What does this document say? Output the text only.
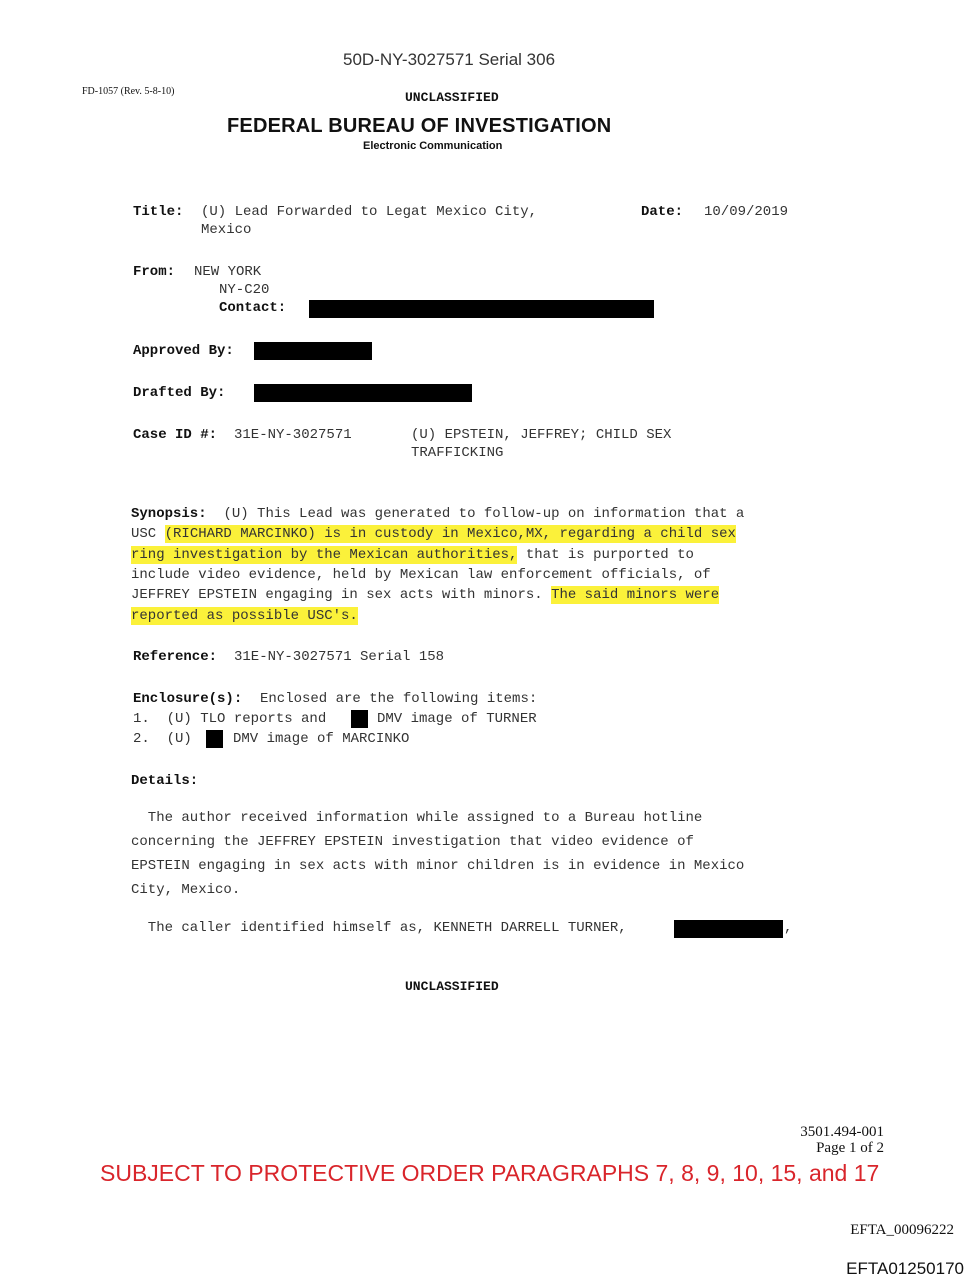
50D-NY-3027571 Serial 306
FD-1057 (Rev. 5-8-10)	UNCLASSIFIED
FEDERAL BUREAU OF INVESTIGATION
Electronic Communication
Title: (U) Lead Forwarded to Legat Mexico City,
Mexico
Date: 10/09/2019
From: NEW YORK
NY-C20
Contact:
Approved By:
Drafted By:
Case ID #: 31E-NY-3027571	(U) EPSTEIN, JEFFREY; CHILD SEX
TRAFFICKING
Synopsis: (U) This Lead was generated to follow-up on information that a
USC (RICHARD MARCINKO) is in custody in Mexico,MX, regarding a child sex
ring investigation by the Mexican authorities, that is purported to
include video evidence, held by Mexican law enforcement officials, of
JEFFREY EPSTEIN engaging in sex acts with minors. The said minors were
reported as possible USC's.
Reference: 31E-NY-3027571 Serial 158
Enclosure(s): Enclosed are the following items:
1.  (U) TLO reports and	DMV image of TURNER
2.  (U)	DMV image of MARCINKO
Details:
The author received information while assigned to a Bureau hotline
concerning the JEFFREY EPSTEIN investigation that video evidence of
EPSTEIN engaging in sex acts with minor children is in evidence in Mexico
City, Mexico.
The caller identified himself as, KENNETH DARRELL TURNER,	,
UNCLASSIFIED
3501.494-001
Page 1 of 2
SUBJECT TO PROTECTIVE ORDER PARAGRAPHS 7, 8, 9, 10, 15, and 17
EFTA_00096222
EFTA01250170
